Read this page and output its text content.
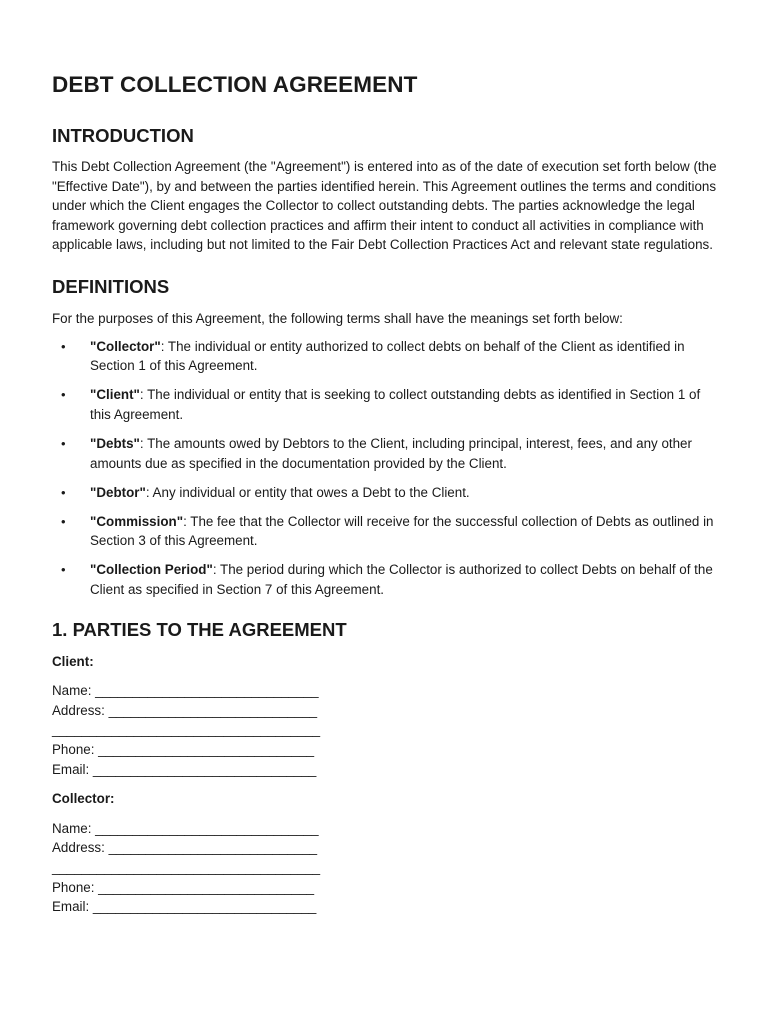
DEBT COLLECTION AGREEMENT
INTRODUCTION

This Debt Collection Agreement (the "Agreement") is entered into as of the date of execution set forth below (the "Effective Date"), by and between the parties identified herein. This Agreement outlines the terms and conditions under which the Client engages the Collector to collect outstanding debts. The parties acknowledge the legal framework governing debt collection practices and affirm their intent to conduct all activities in compliance with applicable laws, including but not limited to the Fair Debt Collection Practices Act and relevant state regulations.

DEFINITIONS

For the purposes of this Agreement, the following terms shall have the meanings set forth below:

• "Collector": The individual or entity authorized to collect debts on behalf of the Client as identified in Section 1 of this Agreement.
• "Client": The individual or entity that is seeking to collect outstanding debts as identified in Section 1 of this Agreement.
• "Debts": The amounts owed by Debtors to the Client, including principal, interest, fees, and any other amounts due as specified in the documentation provided by the Client.
• "Debtor": Any individual or entity that owes a Debt to the Client.
• "Commission": The fee that the Collector will receive for the successful collection of Debts as outlined in Section 3 of this Agreement.
• "Collection Period": The period during which the Collector is authorized to collect Debts on behalf of the Client as specified in Section 7 of this Agreement.
1. PARTIES TO THE AGREEMENT
Client:
Name: ______________________________
Address: ____________________________
____________________________________
Phone: _____________________________
Email: ______________________________
Collector:
Name: ______________________________
Address: ____________________________
____________________________________
Phone: _____________________________
Email: ______________________________
